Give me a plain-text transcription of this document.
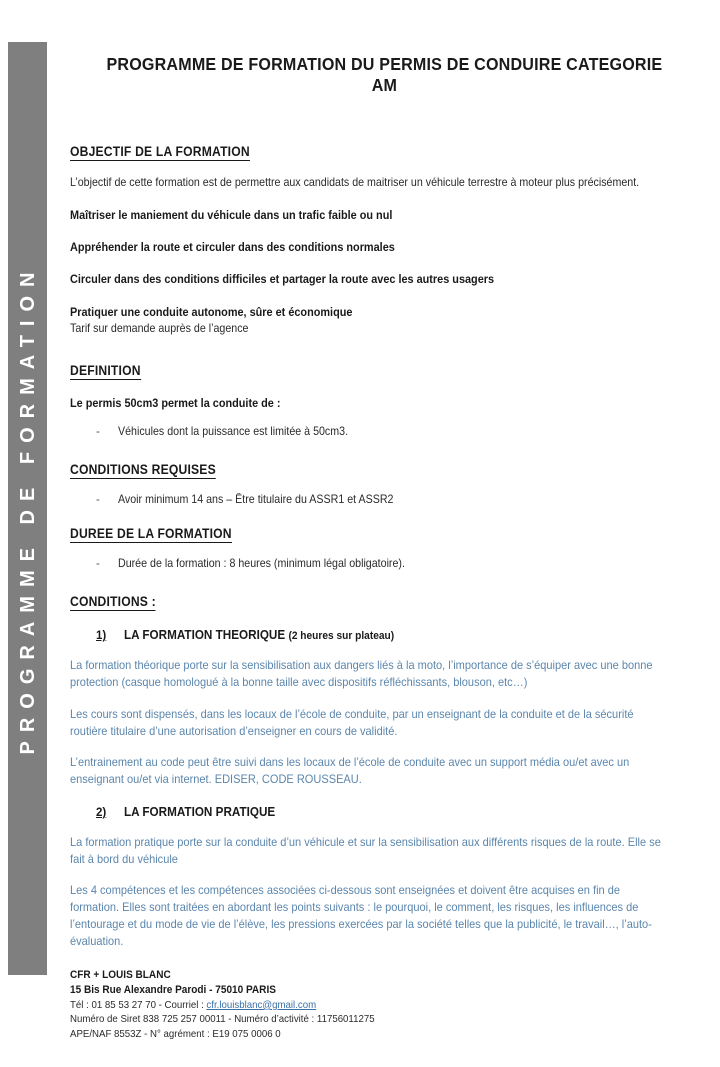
PROGRAMME DE FORMATION
PROGRAMME DE FORMATION DU PERMIS DE CONDUIRE CATEGORIE AM
OBJECTIF DE LA FORMATION

L’objectif de cette formation est de permettre aux candidats de maitriser un véhicule terrestre à moteur plus précisément.

Maîtriser le maniement du véhicule dans un trafic faible ou nul

Appréhender la route et circuler dans des conditions normales

Circuler dans des conditions difficiles et partager la route avec les autres usagers

Pratiquer une conduite autonome, sûre et économique

Tarif sur demande auprès de l’agence

DEFINITION

Le permis 50cm3 permet la conduite de :

-	Véhicules dont la puissance est limitée à 50cm3.
CONDITIONS REQUISES
-	Avoir minimum 14 ans – Être titulaire du ASSR1 et ASSR2
DUREE DE LA FORMATION
-	Durée de la formation : 8 heures (minimum légal obligatoire).
CONDITIONS :
1)	LA FORMATION THEORIQUE (2 heures sur plateau)

La formation théorique porte sur la sensibilisation aux dangers liés à la moto, l’importance de s’équiper avec une bonne protection (casque homologué à la bonne taille avec dispositifs réfléchissants, blouson, etc…)

Les cours sont dispensés, dans les locaux de l’école de conduite, par un enseignant de la conduite et de la sécurité routière titulaire d’une autorisation d’enseigner en cours de validité.

L’entrainement au code peut être suivi dans les locaux de l’école de conduite avec un support média ou/et avec un enseignant ou/et via internet. EDISER, CODE ROUSSEAU.

2)	LA FORMATION PRATIQUE

La formation pratique porte sur la conduite d’un véhicule et sur la sensibilisation aux différents risques de la route. Elle se fait à bord du véhicule

Les 4 compétences et les compétences associées ci-dessous sont enseignées et doivent être acquises en fin de formation. Elles sont traitées en abordant les points suivants : le pourquoi, le comment, les risques, les influences de l’entourage et du mode de vie de l’élève, les pressions exercées par la société telles que la publicité, le travail…, l’auto-évaluation.

CFR + LOUIS BLANC
15 Bis Rue Alexandre Parodi - 75010 PARIS
Tél : 01 85 53 27 70 - Courriel : cfr.louisblanc@gmail.com
Numéro de Siret 838 725 257 00011 - Numéro d’activité : 11756011275
APE/NAF 8553Z - N° agrément : E19 075 0006 0
